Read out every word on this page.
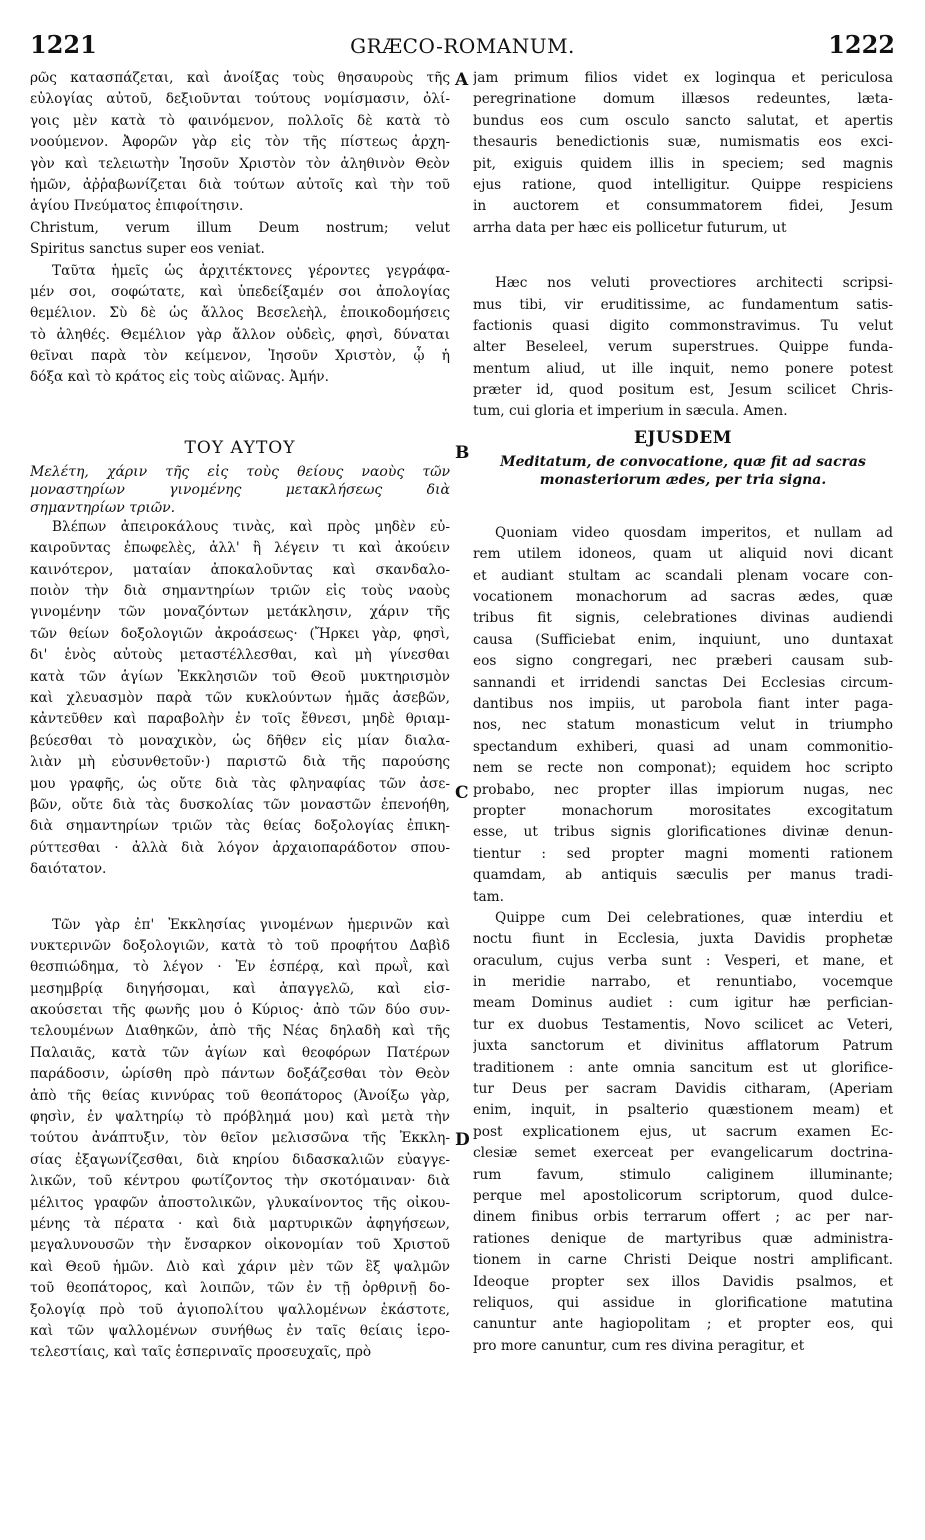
1221	GRÆCO-ROMANUM.	1222
A
B
C
D
ρῶς κατασπάζεται, καὶ ἀνοίξας τοὺς θησαυροὺς τῆς
εὐλογίας αὐτοῦ, δεξιοῦνται τούτους νομίσμασιν, ὀλί-
γοις μὲν κατὰ τὸ φαινόμενον, πολλοῖς δὲ κατὰ τὸ
νοούμενον. Ἀφορῶν γὰρ εἰς τὸν τῆς πίστεως ἀρχη-
γὸν καὶ τελειωτὴν Ἰησοῦν Χριστὸν τὸν ἀληθινὸν Θεὸν
ἡμῶν, ἀῤῥαβωνίζεται διὰ τούτων αὐτοῖς καὶ τὴν τοῦ
ἁγίου Πνεύματος ἐπιφοίτησιν.
Christum, verum illum Deum nostrum; velut
Spiritus sanctus super eos veniat.
Ταῦτα ἡμεῖς ὡς ἀρχιτέκτονες γέροντες γεγράφα-
μέν σοι, σοφώτατε, καὶ ὑπεδείξαμέν σοι ἀπολογίας
θεμέλιον. Σὺ δὲ ὡς ἄλλος Βεσελεὴλ, ἐποικοδομήσεις
τὸ ἀληθές. Θεμέλιον γὰρ ἄλλον οὐδεὶς, φησὶ, δύναται
θεῖναι παρὰ τὸν κείμενον, Ἰησοῦν Χριστὸν, ᾧ ἡ
δόξα καὶ τὸ κράτος εἰς τοὺς αἰῶνας. Ἀμήν.
ΤΟΥ ΑΥΤΟΥ
Μελέτη, χάριν τῆς εἰς τοὺς θείους ναοὺς τῶν
μοναστηρίων γινομένης μετακλήσεως διὰ
σημαντηρίων τριῶν.
Βλέπων ἀπειροκάλους τινὰς, καὶ πρὸς μηδὲν εὐ-
καιροῦντας ἐπωφελὲς, ἀλλ' ἢ λέγειν τι καὶ ἀκούειν
καινότερον, ματαίαν ἀποκαλοῦντας καὶ σκανδαλο-
ποιὸν τὴν διὰ σημαντηρίων τριῶν εἰς τοὺς ναοὺς
γινομένην τῶν μοναζόντων μετάκλησιν, χάριν τῆς
τῶν θείων δοξολογιῶν ἀκροάσεως· (Ἤρκει γὰρ, φησὶ,
δι' ἑνὸς αὐτοὺς μεταστέλλεσθαι, καὶ μὴ γίνεσθαι
κατὰ τῶν ἁγίων Ἐκκλησιῶν τοῦ Θεοῦ μυκτηρισμὸν
καὶ χλευασμὸν παρὰ τῶν κυκλούντων ἡμᾶς ἀσεβῶν,
κἀντεῦθεν καὶ παραβολὴν ἐν τοῖς ἔθνεσι, μηδὲ θριαμ-
βεύεσθαι τὸ μοναχικὸν, ὡς δῆθεν εἰς μίαν διαλα-
λιὰν μὴ εὐσυνθετοῦν·) παριστῶ διὰ τῆς παρούσης
μου γραφῆς, ὡς οὔτε διὰ τὰς φληναφίας τῶν ἀσε-
βῶν, οὔτε διὰ τὰς δυσκολίας τῶν μοναστῶν ἐπενοήθη,
διὰ σημαντηρίων τριῶν τὰς θείας δοξολογίας ἐπικη-
ρύττεσθαι · ἀλλὰ διὰ λόγον ἀρχαιοπαράδοτον σπου-
δαιότατον.
Τῶν γὰρ ἐπ' Ἐκκλησίας γινομένων ἡμερινῶν καὶ
νυκτερινῶν δοξολογιῶν, κατὰ τὸ τοῦ προφήτου Δαβὶδ
θεσπιώδημα, τὸ λέγον · Ἐν ἑσπέρᾳ, καὶ πρωῒ, καὶ
μεσημβρίᾳ διηγήσομαι, καὶ ἀπαγγελῶ, καὶ εἰσ-
ακούσεται τῆς φωνῆς μου ὁ Κύριος· ἀπὸ τῶν δύο συν-
τελουμένων Διαθηκῶν, ἀπὸ τῆς Νέας δηλαδὴ καὶ τῆς
Παλαιᾶς, κατὰ τῶν ἁγίων καὶ θεοφόρων Πατέρων
παράδοσιν, ὡρίσθη πρὸ πάντων δοξάζεσθαι τὸν Θεὸν
ἀπὸ τῆς θείας κιννύρας τοῦ θεοπάτορος (Ἀνοίξω γὰρ,
φησὶν, ἐν ψαλτηρίῳ τὸ πρόβλημά μου) καὶ μετὰ τὴν
τούτου ἀνάπτυξιν, τὸν θεῖον μελισσῶνα τῆς Ἐκκλη-
σίας ἐξαγωνίζεσθαι, διὰ κηρίου διδασκαλιῶν εὐαγγε-
λικῶν, τοῦ κέντρου φωτίζοντος τὴν σκοτόμαιναν· διὰ
μέλιτος γραφῶν ἀποστολικῶν, γλυκαίνοντος τῆς οἰκου-
μένης τὰ πέρατα · καὶ διὰ μαρτυρικῶν ἀφηγήσεων,
μεγαλυνουσῶν τὴν ἔνσαρκον οἰκονομίαν τοῦ Χριστοῦ
καὶ Θεοῦ ἡμῶν. Διὸ καὶ χάριν μὲν τῶν ἓξ ψαλμῶν
τοῦ θεοπάτορος, καὶ λοιπῶν, τῶν ἐν τῇ ὀρθρινῇ δο-
ξολογίᾳ πρὸ τοῦ ἁγιοπολίτου ψαλλομένων ἑκάστοτε,
καὶ τῶν ψαλλομένων συνήθως ἐν ταῖς θείαις ἱερο-
τελεστίαις, καὶ ταῖς ἑσπεριναῖς προσευχαῖς, πρὸ
jam primum filios videt ex loginqua et periculosa
peregrinatione domum illæsos redeuntes, læta-
bundus eos cum osculo sancto salutat, et apertis
thesauris benedictionis suæ, numismatis eos exci-
pit, exiguis quidem illis in speciem; sed magnis
ejus ratione, quod intelligitur. Quippe respiciens
in auctorem et consummatorem fidei, Jesum
arrha data per hæc eis pollicetur futurum, ut
Hæc nos veluti provectiores architecti scripsi-
mus tibi, vir eruditissime, ac fundamentum satis-
factionis quasi digito commonstravimus. Tu velut
alter Beseleel, verum superstrues. Quippe funda-
mentum aliud, ut ille inquit, nemo ponere potest
præter id, quod positum est, Jesum scilicet Chris-
tum, cui gloria et imperium in sæcula. Amen.
EJUSDEM
Meditatum, de convocatione, quæ fit ad sacras
monasteriorum ædes, per tria signa.
Quoniam video quosdam imperitos, et nullam ad
rem utilem idoneos, quam ut aliquid novi dicant
et audiant stultam ac scandali plenam vocare con-
vocationem monachorum ad sacras ædes, quæ
tribus fit signis, celebrationes divinas audiendi
causa (Sufficiebat enim, inquiunt, uno duntaxat
eos signo congregari, nec præberi causam sub-
sannandi et irridendi sanctas Dei Ecclesias circum-
dantibus nos impiis, ut parobola fiant inter paga-
nos, nec statum monasticum velut in triumpho
spectandum exhiberi, quasi ad unam commonitio-
nem se recte non componat); equidem hoc scripto
probabo, nec propter illas impiorum nugas, nec
propter monachorum morositates excogitatum
esse, ut tribus signis glorificationes divinæ denun-
tientur : sed propter magni momenti rationem
quamdam, ab antiquis sæculis per manus tradi-
tam.
Quippe cum Dei celebrationes, quæ interdiu et
noctu fiunt in Ecclesia, juxta Davidis prophetæ
oraculum, cujus verba sunt : Vesperi, et mane, et
in meridie narrabo, et renuntiabo, vocemque
meam Dominus audiet : cum igitur hæ perfician-
tur ex duobus Testamentis, Novo scilicet ac Veteri,
juxta sanctorum et divinitus afflatorum Patrum
traditionem : ante omnia sancitum est ut glorifice-
tur Deus per sacram Davidis citharam, (Aperiam
enim, inquit, in psalterio quæstionem meam) et
post explicationem ejus, ut sacrum examen Ec-
clesiæ semet exerceat per evangelicarum doctrina-
rum favum, stimulo caliginem illuminante;
perque mel apostolicorum scriptorum, quod dulce-
dinem finibus orbis terrarum offert ; ac per nar-
rationes denique de martyribus quæ administra-
tionem in carne Christi Deique nostri amplificant.
Ideoque propter sex illos Davidis psalmos, et
reliquos, qui assidue in glorificatione matutina
canuntur ante hagiopolitam ; et propter eos, qui
pro more canuntur, cum res divina peragitur, et
